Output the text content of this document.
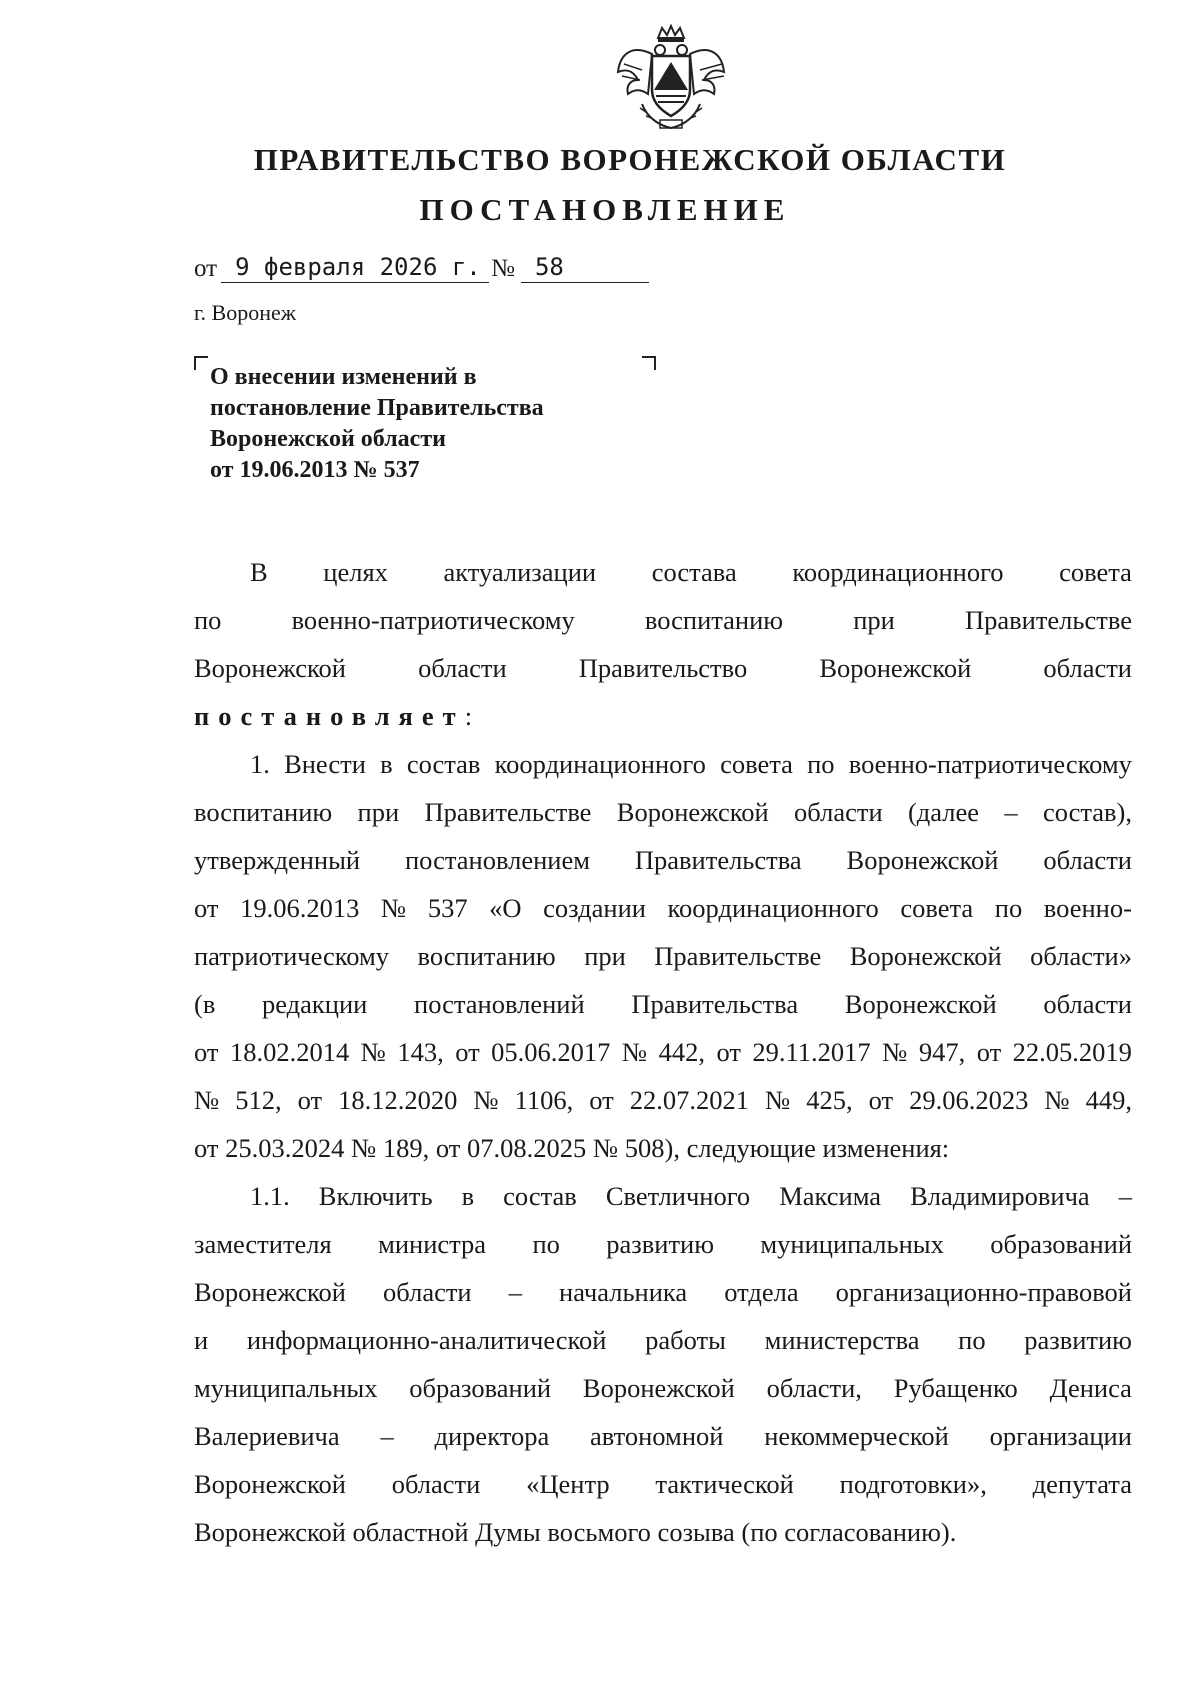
ПРАВИТЕЛЬСТВО ВОРОНЕЖСКОЙ ОБЛАСТИ
ПОСТАНОВЛЕНИЕ
от 9 февраля 2026 г. № 58
г. Воронеж
О внесении изменений в
постановление Правительства
Воронежской области
от 19.06.2013 № 537
В целях актуализации состава координационного совета
по	военно-патриотическому	воспитанию	при	Правительстве
Воронежской	области	Правительство	Воронежской	области
постановляет :
1. Внести в состав координационного совета по военно-патриотическому
воспитанию при Правительстве Воронежской области (далее – состав),
утвержденный постановлением Правительства Воронежской области
от 19.06.2013 № 537 «О создании координационного совета по военно-
патриотическому воспитанию при Правительстве Воронежской области»
(в редакции постановлений Правительства Воронежской области
от 18.02.2014 № 143, от 05.06.2017 № 442, от 29.11.2017 № 947, от 22.05.2019
№ 512, от 18.12.2020 № 1106, от 22.07.2021 № 425, от 29.06.2023 № 449,
от 25.03.2024 № 189, от 07.08.2025 № 508), следующие изменения:
1.1. Включить в состав Светличного Максима Владимировича –
заместителя министра по развитию муниципальных образований
Воронежской области – начальника отдела организационно-правовой
и информационно-аналитической работы министерства по развитию
муниципальных образований Воронежской области, Рубащенко Дениса
Валериевича – директора автономной некоммерческой организации
Воронежской области «Центр тактической подготовки», депутата
Воронежской областной Думы восьмого созыва (по согласованию).
